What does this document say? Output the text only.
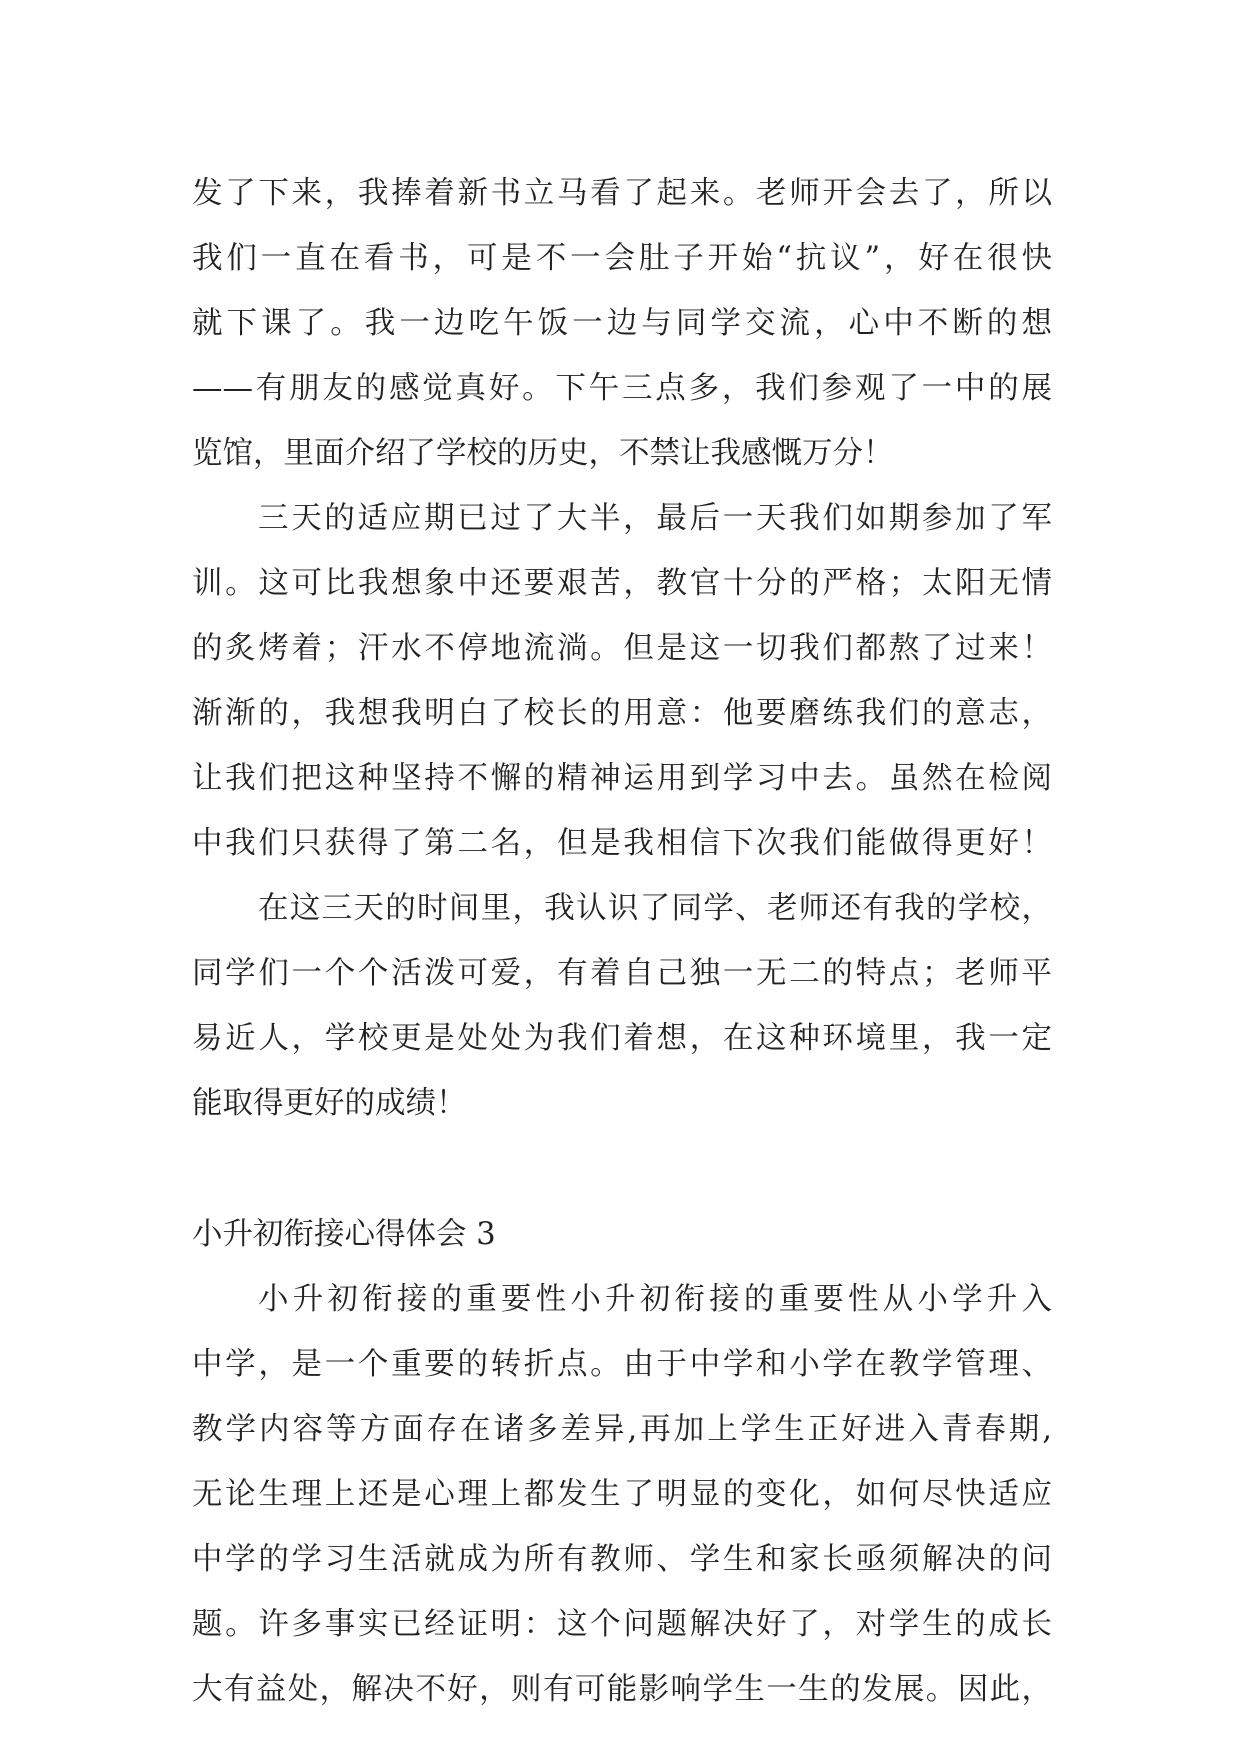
发了下来，我捧着新书立马看了起来。老师开会去了，所以
我们一直在看书，可是不一会肚子开始“抗议”，好在很快
就下课了。我一边吃午饭一边与同学交流，心中不断的想
——有朋友的感觉真好。下午三点多，我们参观了一中的展
览馆，里面介绍了学校的历史，不禁让我感慨万分！
三天的适应期已过了大半，最后一天我们如期参加了军
训。这可比我想象中还要艰苦，教官十分的严格；太阳无情
的炙烤着；汗水不停地流淌。但是这一切我们都熬了过来！
渐渐的，我想我明白了校长的用意：他要磨练我们的意志，
让我们把这种坚持不懈的精神运用到学习中去。虽然在检阅
中我们只获得了第二名，但是我相信下次我们能做得更好！
在这三天的时间里，我认识了同学、老师还有我的学校，
同学们一个个活泼可爱，有着自己独一无二的特点；老师平
易近人，学校更是处处为我们着想，在这种环境里，我一定
能取得更好的成绩！
小升初衔接心得体会 3
小升初衔接的重要性小升初衔接的重要性从小学升入
中学，是一个重要的转折点。由于中学和小学在教学管理、
教学内容等方面存在诸多差异,再加上学生正好进入青春期,
无论生理上还是心理上都发生了明显的变化，如何尽快适应
中学的学习生活就成为所有教师、学生和家长亟须解决的问
题。许多事实已经证明：这个问题解决好了，对学生的成长
大有益处，解决不好，则有可能影响学生一生的发展。因此，
